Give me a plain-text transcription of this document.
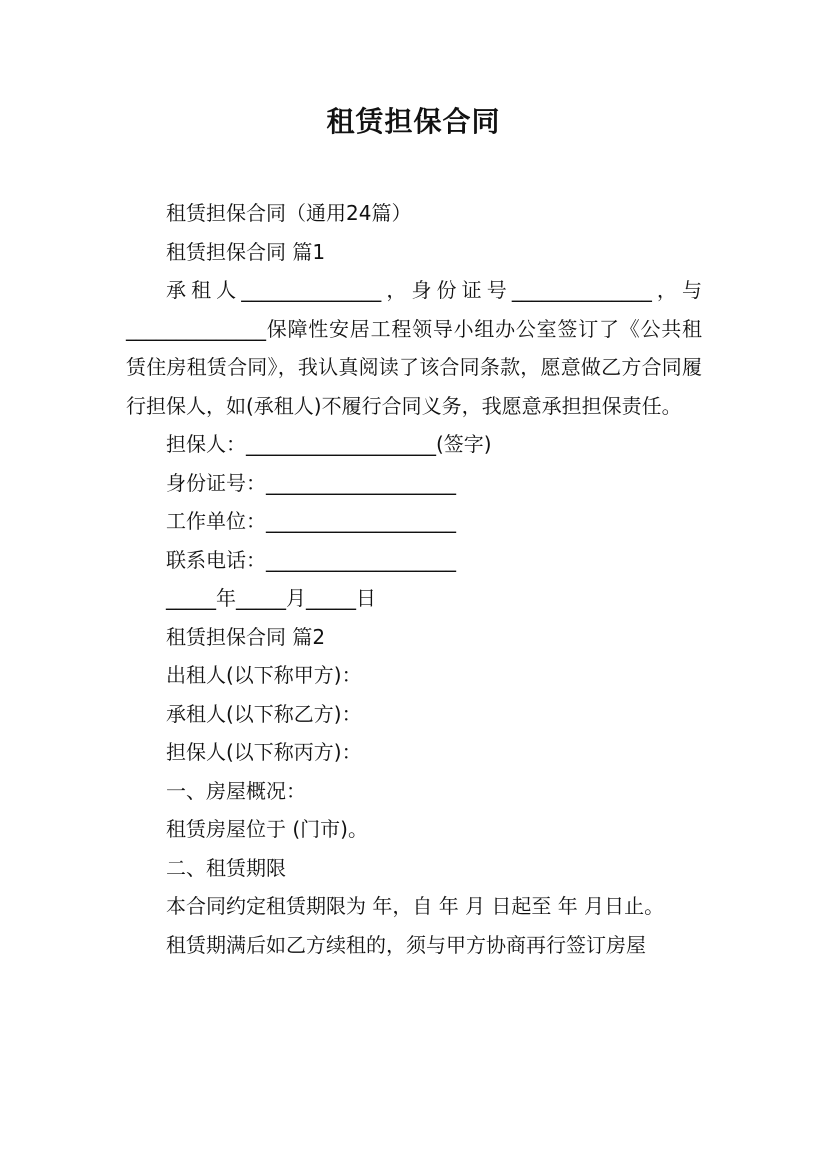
租赁担保合同

租赁担保合同（通用24篇）

租赁担保合同 篇1

承租人______________，身份证号______________，与______________保障性安居工程领导小组办公室签订了《公共租赁住房租赁合同》，我认真阅读了该合同条款，愿意做乙方合同履行担保人，如(承租人)不履行合同义务，我愿意承担担保责任。

担保人：___________________(签字)

身份证号：___________________

工作单位：___________________

联系电话：___________________

_____年_____月_____日

租赁担保合同 篇2

出租人(以下称甲方)：

承租人(以下称乙方)：

担保人(以下称丙方)：

一、房屋概况：

租赁房屋位于 (门市)。

二、租赁期限

本合同约定租赁期限为 年，自 年 月 日起至 年 月日止。

租赁期满后如乙方续租的，须与甲方协商再行签订房屋
